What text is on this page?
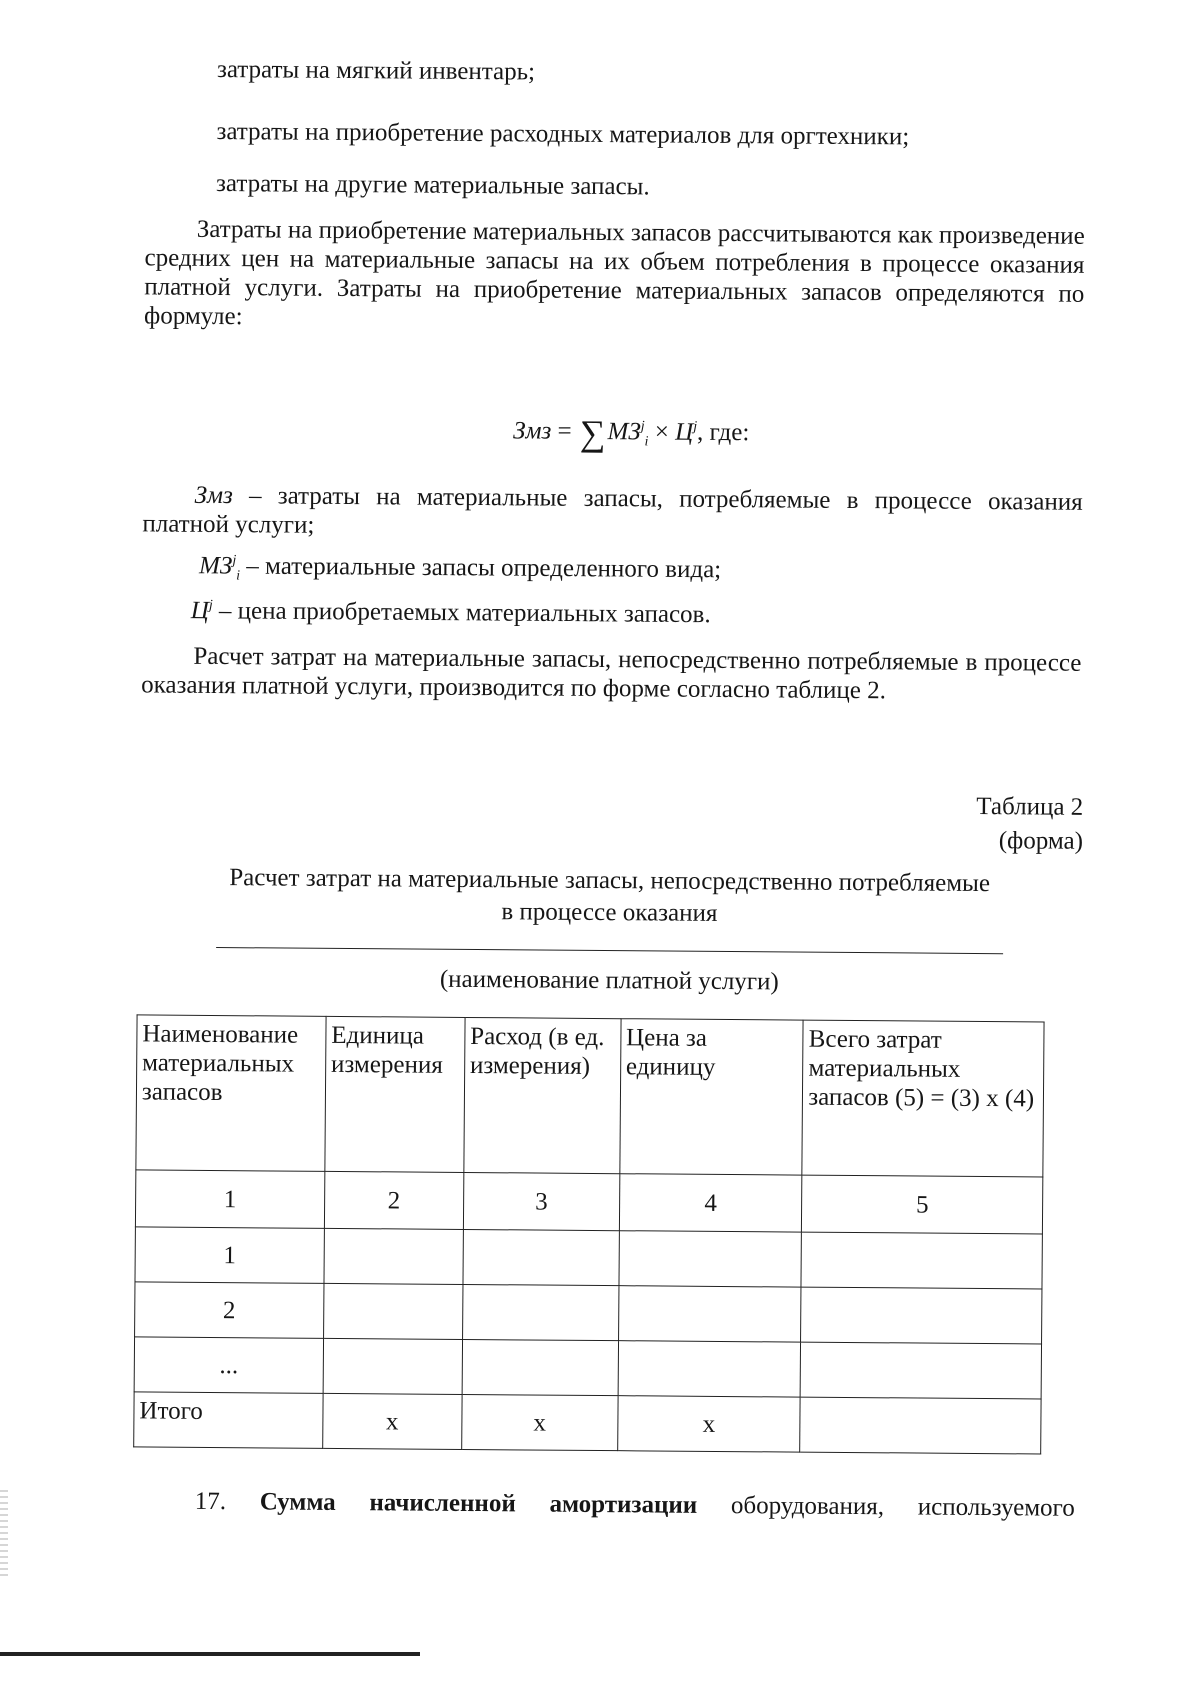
затраты на мягкий инвентарь;
затраты на приобретение расходных материалов для оргтехники;
затраты на другие материальные запасы.
Затраты на приобретение материальных запасов рассчитываются как произведение средних цен на материальные запасы на их объем потребления в процессе оказания платной услуги. Затраты на приобретение материальных запасов определяются по формуле:
Змз = $\sum МЗ^j_i \times Ц^j$, где:
Змз – затраты на материальные запасы, потребляемые в процессе оказания платной услуги;
$МЗ^j_i$ – материальные запасы определенного вида;
$Ц^j$ – цена приобретаемых материальных запасов.
Расчет затрат на материальные запасы, непосредственно потребляемые в процессе оказания платной услуги, производится по форме согласно таблице 2.
Таблица 2
(форма)
Расчет затрат на материальные запасы, непосредственно потребляемые
в процессе оказания
(наименование платной услуги)
Наименование материальных запасов	Единица измерения	Расход (в ед. измерения)	Цена за единицу	Всего затрат материальных запасов (5) = (3) х (4)
1	2	3	4	5
1				
2				
...				
Итого	х	х	х	
17. Сумма начисленной амортизации оборудования, используемого
